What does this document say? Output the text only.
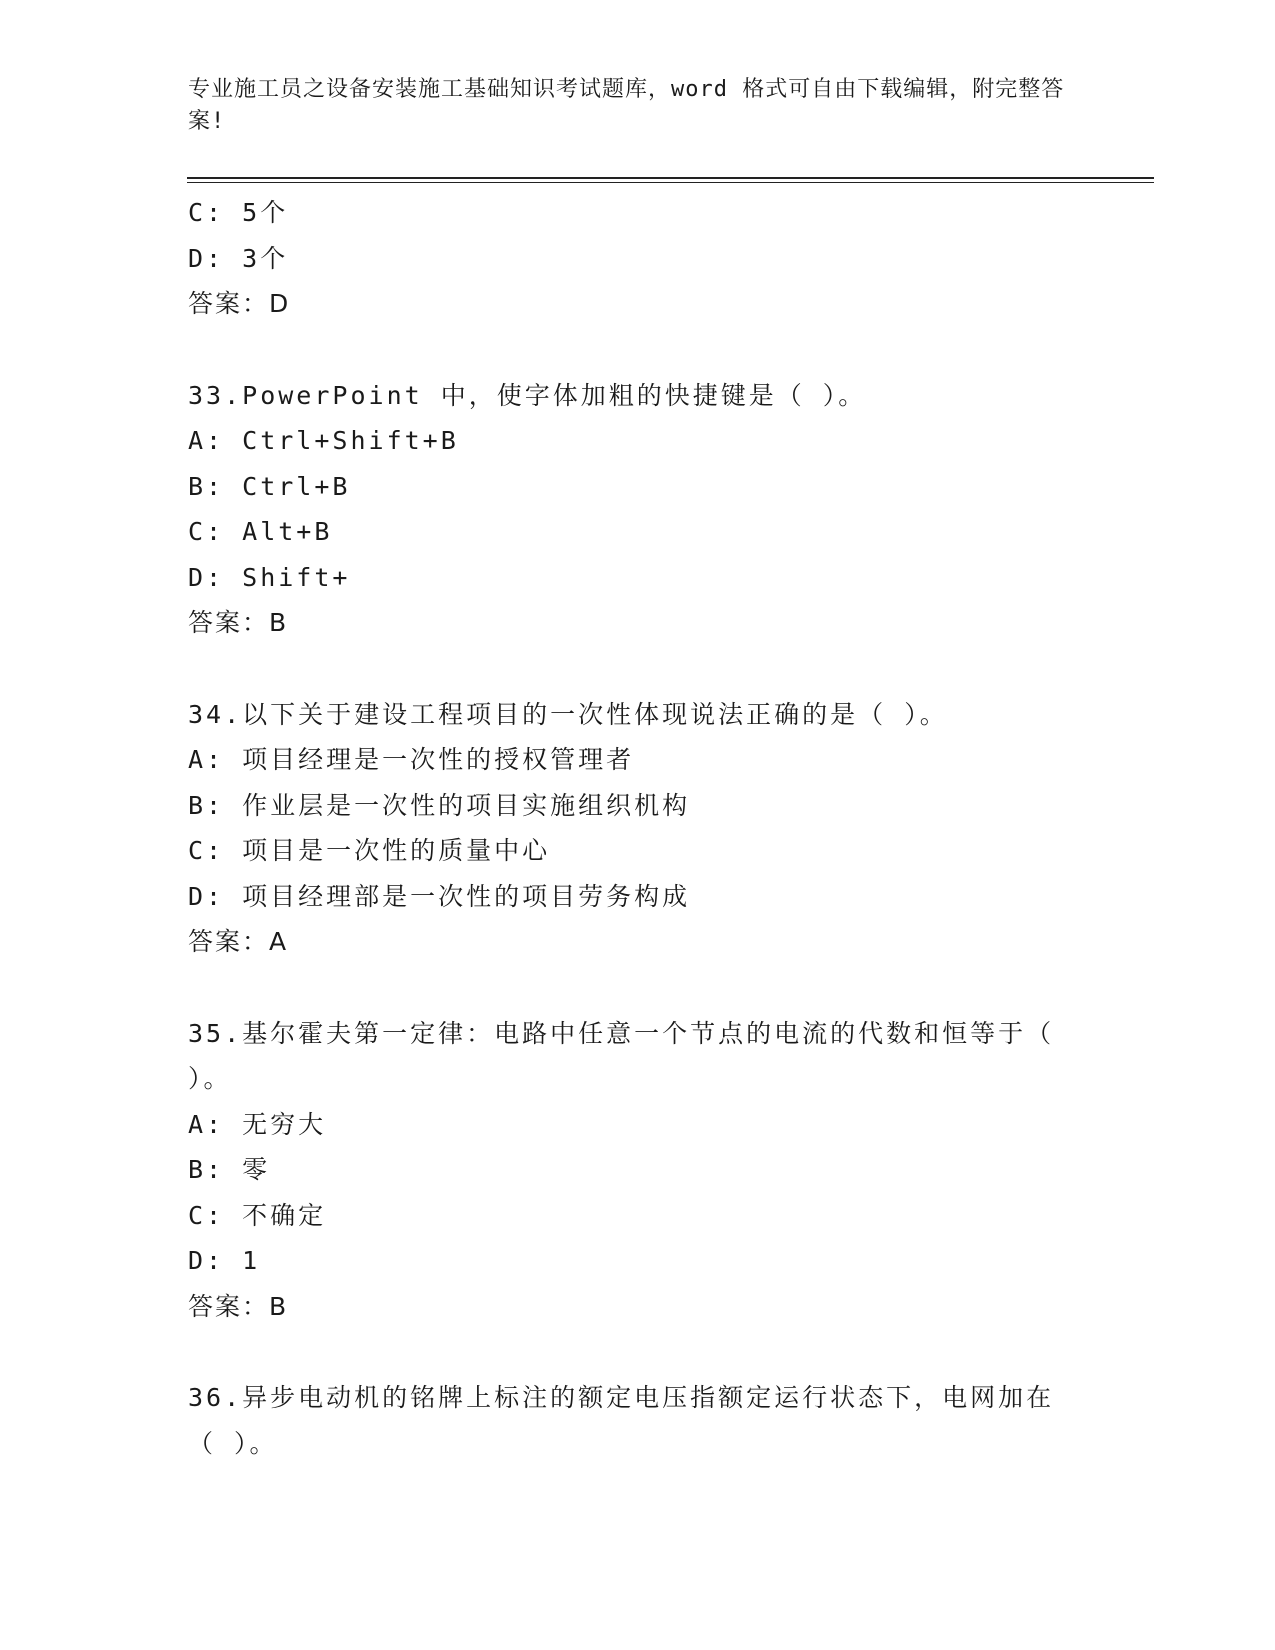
专业施工员之设备安装施工基础知识考试题库，word 格式可自由下载编辑，附完整答案!
C: 5个
D: 3个
答案：D
33.PowerPoint 中，使字体加粗的快捷键是（ ）。
A: Ctrl+Shift+B
B: Ctrl+B
C: Alt+B
D: Shift+
答案：B
34.以下关于建设工程项目的一次性体现说法正确的是（ ）。
A: 项目经理是一次性的授权管理者
B: 作业层是一次性的项目实施组织机构
C: 项目是一次性的质量中心
D: 项目经理部是一次性的项目劳务构成
答案：A
35.基尔霍夫第一定律：电路中任意一个节点的电流的代数和恒等于（
）。
A: 无穷大
B: 零
C: 不确定
D: 1
答案：B
36.异步电动机的铭牌上标注的额定电压指额定运行状态下，电网加在
（ ）。
